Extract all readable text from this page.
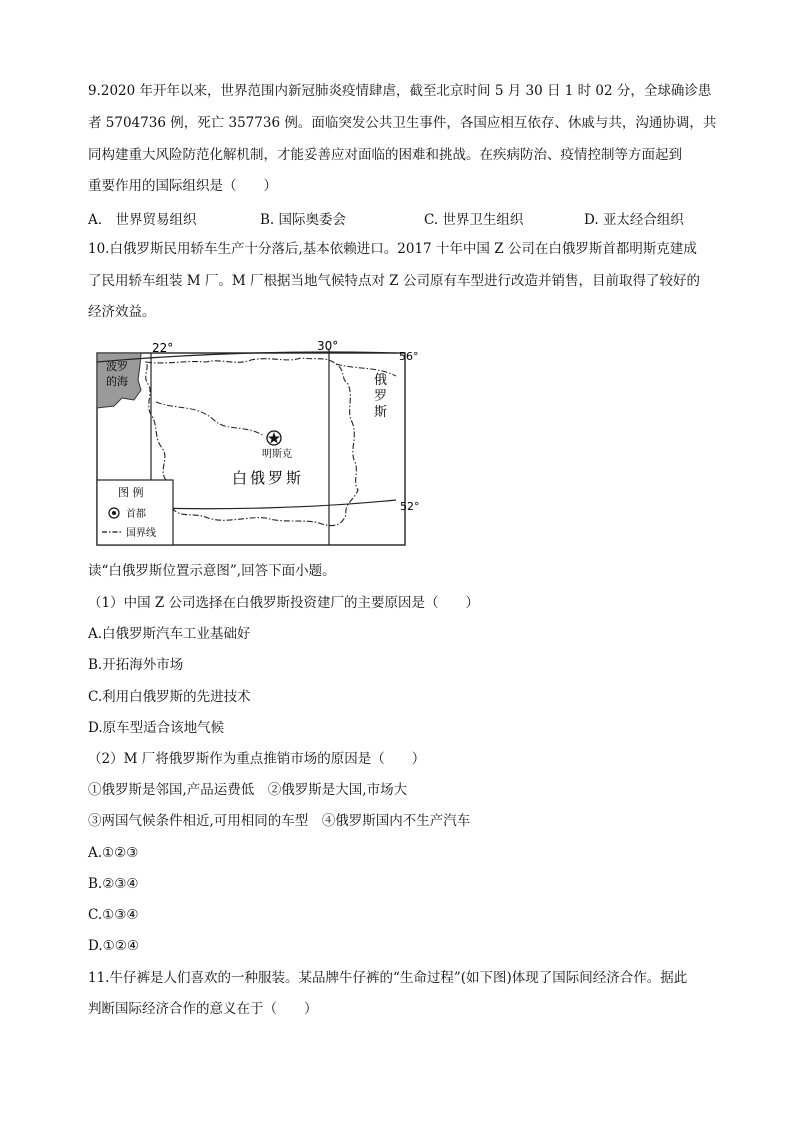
9.2020 年开年以来，世界范围内新冠肺炎疫情肆虐，截至北京时间 5 月 30 日 1 时 02 分，全球确诊患
者 5704736 例，死亡 357736 例。面临突发公共卫生事件，各国应相互依存、休戚与共，沟通协调，共
同构建重大风险防范化解机制，才能妥善应对面临的困难和挑战。在疾病防治、疫情控制等方面起到
重要作用的国际组织是（　　）
A.　世界贸易组织	B. 国际奥委会	C. 世界卫生组织	D. 亚太经合组织
10.白俄罗斯民用轿车生产十分落后,基本依赖进口。2017 十年中国 Z 公司在白俄罗斯首都明斯克建成
了民用轿车组装 M 厂。M 厂根据当地气候特点对 Z 公司原有车型进行改造并销售，目前取得了较好的
经济效益。
22°	30°
56°
52°
波罗
的海	俄
罗
斯
明斯克
白俄罗斯
图 例
首都
国界线
读“白俄罗斯位置示意图”,回答下面小题。
（1）中国 Z 公司选择在白俄罗斯投资建厂的主要原因是（　　）
A.白俄罗斯汽车工业基础好
B.开拓海外市场
C.利用白俄罗斯的先进技术
D.原车型适合该地气候
（2）M 厂将俄罗斯作为重点推销市场的原因是（　　）
①俄罗斯是邻国,产品运费低　②俄罗斯是大国,市场大
③两国气候条件相近,可用相同的车型　④俄罗斯国内不生产汽车
A.①②③
B.②③④
C.①③④
D.①②④
11.牛仔裤是人们喜欢的一种服装。某品牌牛仔裤的“生命过程”(如下图)体现了国际间经济合作。据此
判断国际经济合作的意义在于（　　）
